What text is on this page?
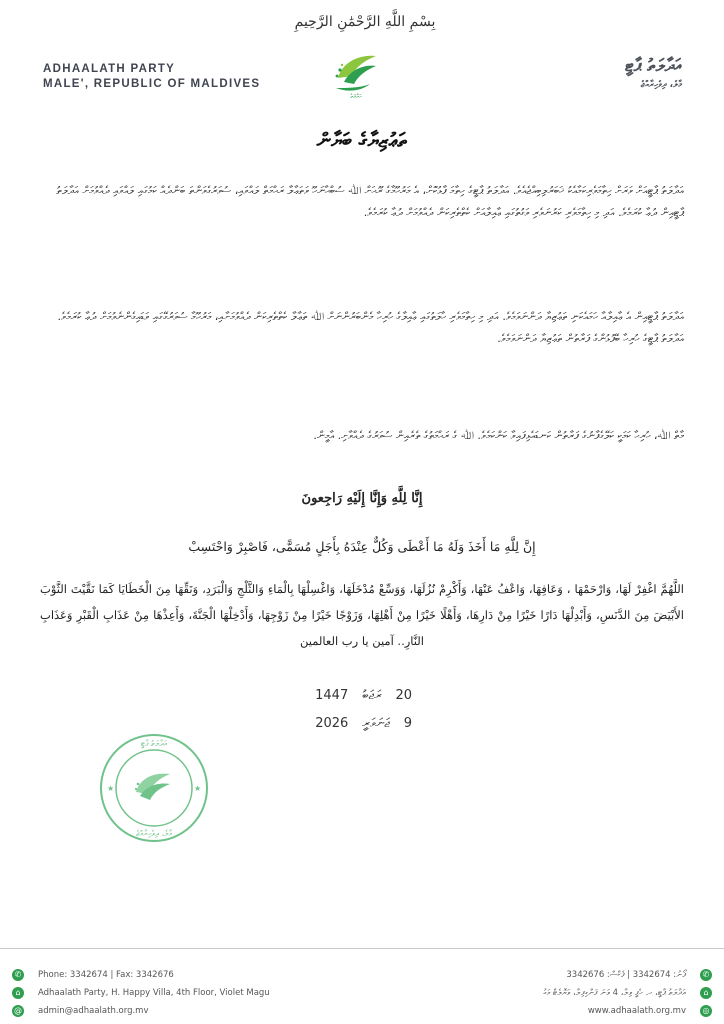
بِسْمِ اللَّهِ الرَّحْمَٰنِ الرَّحِيمِ
ADHAALATH PARTY
MALE', REPUBLIC OF MALDIVES
އަދާލަތު
އަދާލަތު ޕާޓީ
މާލެ، ދިވެހިރާއްޖެ
ތަޢުޒިޔާގެ ބަޔާން

އަދާލަތު ޕާޓީއަށް ވަރަށް ހިތާމަވެރިކަމާއެކު ޚަބަރުލިބިއްޖެއެވެ. އަދާލަތު ޕާޓީގެ ހިތާމަ ފާޅުކޮށް، އެ މަރުހޫމާގެ ރޫޙަށް ﷲ ސުބްޙާނަހޫ ވަތަޢާލާ ރަޙްމަތް ލައްވައި، ސުވަރުގެވަންތަ ބަންދެއް ކަމުގައި ލައްވައި ދެއްވުމަށް އަދާލަތު ޕާޓީއިން ދުޢާ ކުރަމެވެ. އަދި މި ހިތާމަވެރި ކަރުނަވެރި ވަގުތުގައި ޢާއިލާއަށް ކެތްތެރިކަން ދެއްވުމަށް ދުޢާ ކުރަމެވެ.

އަދާލަތު ޕާޓީއިން އެ ޢާއިލާއާ ހަމައެކަނި ތަޢުޒިޔާ ދަންނަވަމެވެ. އަދި މި ހިތާމަވެރި ހާލަތުގައި ޢާއިލާގެ ހުރިހާ މެންބަރުންނަށް ﷲ ތަޢާލާ ކެތްތެރިކަން ދެއްވުމަށާއި، މަރުހޫމާ ސުވަރުގޭގައި ވަޑައިގެންނެވުމަށް ދުޢާ ކުރަމެވެ. އަދާލަތު ޕާޓީގެ ހުރިހާ ބޭފުޅުންގެ ފަރާތުން ތަޢުޒިޔާ ދަންނަވަމެވެ.

މާތް ﷲ، ހުރިހާ ކަމަކީ ކަލޭގެފާނުގެ ފަރާތުން ކަނޑައެޅިފައިވާ ކަންކަމެވެ. ﷲ ގެ ރަޙްމަތުގެ ތެރެއިން ސުވަރުގެ ދެއްވާށި. އާމީން.

إِنَّا لِلَّهِ وَإِنَّا إِلَيْهِ رَاجِعونَ
إِنَّ لِلَّهِ مَا أَخَذَ وَلَهُ مَا أَعْطَى وَكُلٌّ عِنْدَهُ بِأَجَلٍ مُسَمًّى، فَاصْبِرْ وَاحْتَسِبْ
اللَّهُمَّ اغْفِرْ لَهَا، وَارْحَمْهَا ، وَعَافِهَا، وَاعْفُ عَنْهَا، وَأَكْرِمْ نُزُلَهَا، وَوَسِّعْ مُدْخَلَهَا، وَاغْسِلْهَا بِالْمَاءِ وَالثَّلْجِ وَالْبَرَدِ، وَنَقِّهَا مِنَ الْخَطَايَا كَمَا نَقَّيْتَ الثَّوْبَ الأَبْيَضَ مِنَ الدَّنَسِ، وَأَبْدِلْهَا دَارًا خَيْرًا مِنْ دَارِهَا، وَأَهْلًا خَيْرًا مِنْ أَهْلِهَا، وَزَوْجًا خَيْرًا مِنْ زَوْجِهَا، وَأَدْخِلْهَا الْجَنَّةَ، وَأَعِذْهَا مِنْ عَذَابِ الْقَبْرِ وَعَذَابِ النَّارِ.. آمين يا رب العالمين
20ރަޖަބު1447
9ޖަނަވަރީ2026
އަދާލަތު ޕާޓީ
މާލެ، ދިވެހިރާއްޖެ
★	★
✆	Phone: 3342674 | Fax: 3342676
⌂	Adhaalath Party , H. Happy Villa, 4th Floor, Violet Magu
@ admin@adhaalath.org.mv
ފޯނު: 3342674 | ފެކްސް: 3342676	✆
އަދާލަތު ޕާޓީ، ހ. ހެޕީ ވިލާ، 4 ވަނަ ފަންގިފިލާ، ވަޔޮލެޓް މަގު	⌂
www.adhaalath.org.mv	◎
